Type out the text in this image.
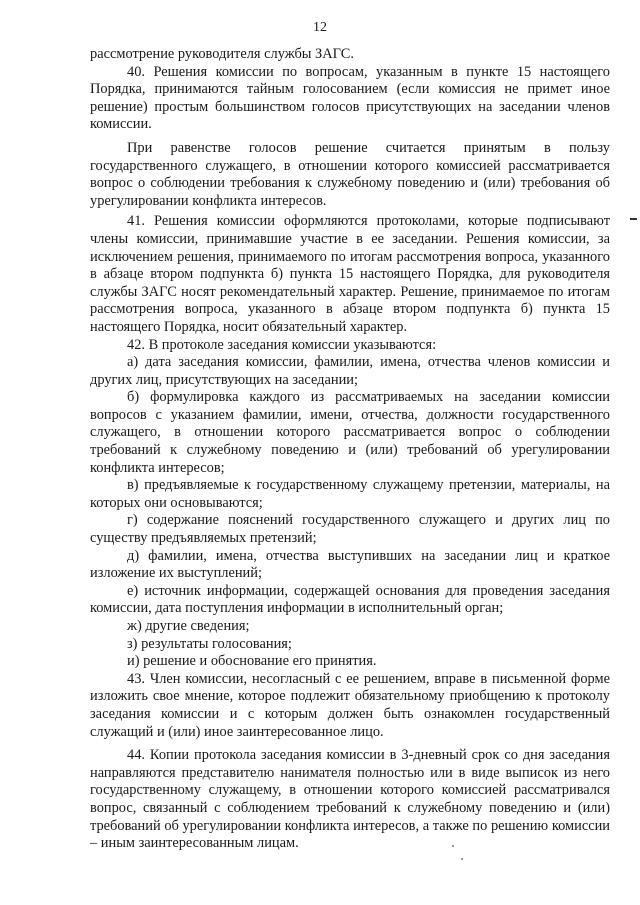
12

рассмотрение руководителя службы ЗАГС.

40. Решения комиссии по вопросам, указанным в пункте 15 настоящего Порядка, принимаются тайным голосованием (если комиссия не примет иное решение) простым большинством голосов присутствующих на заседании членов комиссии.

При равенстве голосов решение считается принятым в пользу государственного служащего, в отношении которого комиссией рассматривается вопрос о соблюдении требования к служебному поведению и (или) требования об урегулировании конфликта интересов.

41. Решения комиссии оформляются протоколами, которые подписывают члены комиссии, принимавшие участие в ее заседании. Решения комиссии, за исключением решения, принимаемого по итогам рассмотрения вопроса, указанного в абзаце втором подпункта б) пункта 15 настоящего Порядка, для руководителя службы ЗАГС носят рекомендательный характер. Решение, принимаемое по итогам рассмотрения вопроса, указанного в абзаце втором подпункта б) пункта 15 настоящего Порядка, носит обязательный характер.

42. В протоколе заседания комиссии указываются:

а) дата заседания комиссии, фамилии, имена, отчества членов комиссии и других лиц, присутствующих на заседании;

б) формулировка каждого из рассматриваемых на заседании комиссии вопросов с указанием фамилии, имени, отчества, должности государственного служащего, в отношении которого рассматривается вопрос о соблюдении требований к служебному поведению и (или) требований об урегулировании конфликта интересов;

в) предъявляемые к государственному служащему претензии, материалы, на которых они основываются;

г) содержание пояснений государственного служащего и других лиц по существу предъявляемых претензий;

д) фамилии, имена, отчества выступивших на заседании лиц и краткое изложение их выступлений;

е) источник информации, содержащей основания для проведения заседания комиссии, дата поступления информации в исполнительный орган;

ж) другие сведения;

з) результаты голосования;

и) решение и обоснование его принятия.

43. Член комиссии, несогласный с ее решением, вправе в письменной форме изложить свое мнение, которое подлежит обязательному приобщению к протоколу заседания комиссии и с которым должен быть ознакомлен государственный служащий и (или) иное заинтересованное лицо.

44. Копии протокола заседания комиссии в 3-дневный срок со дня заседания направляются представителю нанимателя полностью или в виде выписок из него государственному служащему, в отношении которого комиссией рассматривался вопрос, связанный с соблюдением требований к служебному поведению и (или) требований об урегулировании конфликта интересов, а также по решению комиссии – иным заинтересованным лицам.
